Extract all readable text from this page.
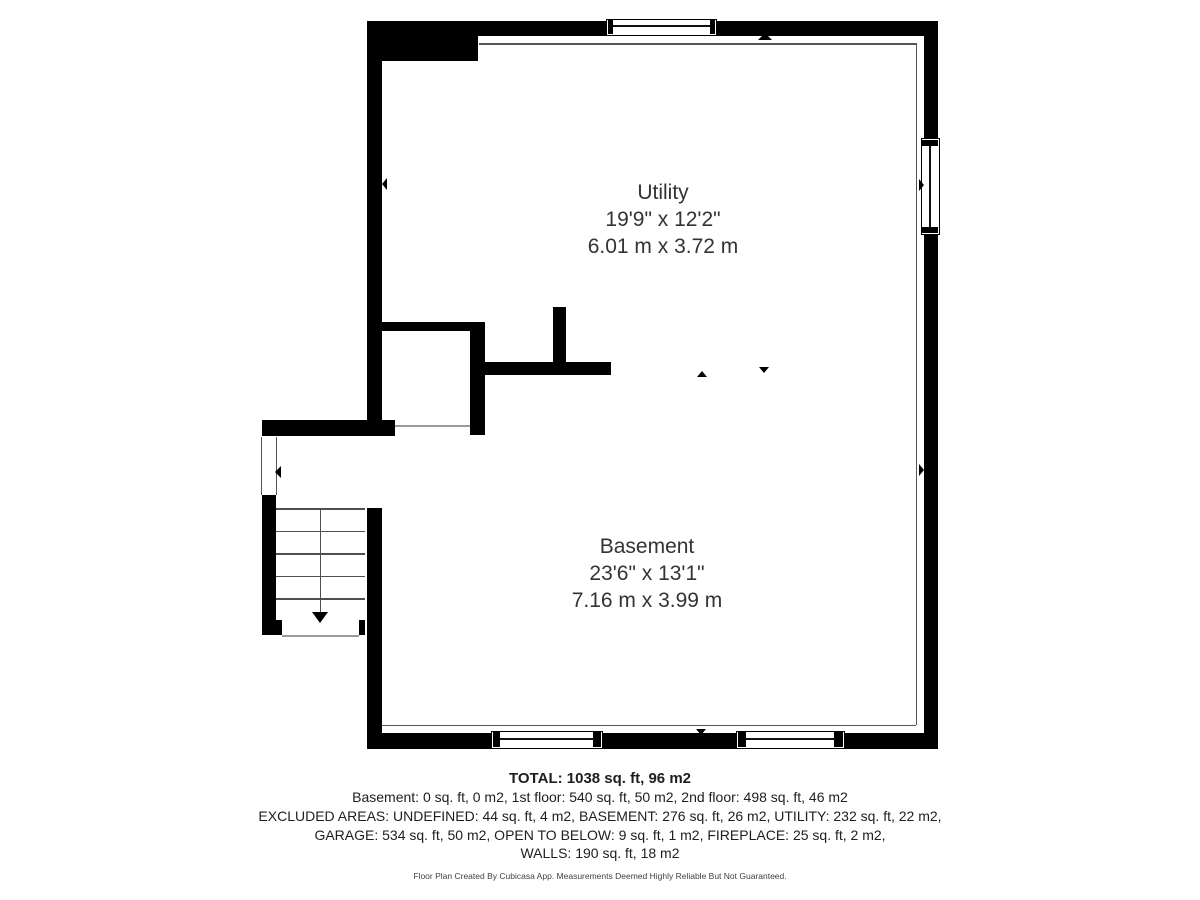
Utility
19'9" x 12'2"
6.01 m x 3.72 m
Basement
23'6" x 13'1"
7.16 m x 3.99 m

TOTAL: 1038 sq. ft, 96 m2

Basement: 0 sq. ft, 0 m2, 1st floor: 540 sq. ft, 50 m2, 2nd floor: 498 sq. ft, 46 m2

EXCLUDED AREAS: UNDEFINED: 44 sq. ft, 4 m2, BASEMENT: 276 sq. ft, 26 m2, UTILITY: 232 sq. ft, 22 m2,

GARAGE: 534 sq. ft, 50 m2, OPEN TO BELOW: 9 sq. ft, 1 m2, FIREPLACE: 25 sq. ft, 2 m2,

WALLS: 190 sq. ft, 18 m2

Floor Plan Created By Cubicasa App. Measurements Deemed Highly Reliable But Not Guaranteed.
